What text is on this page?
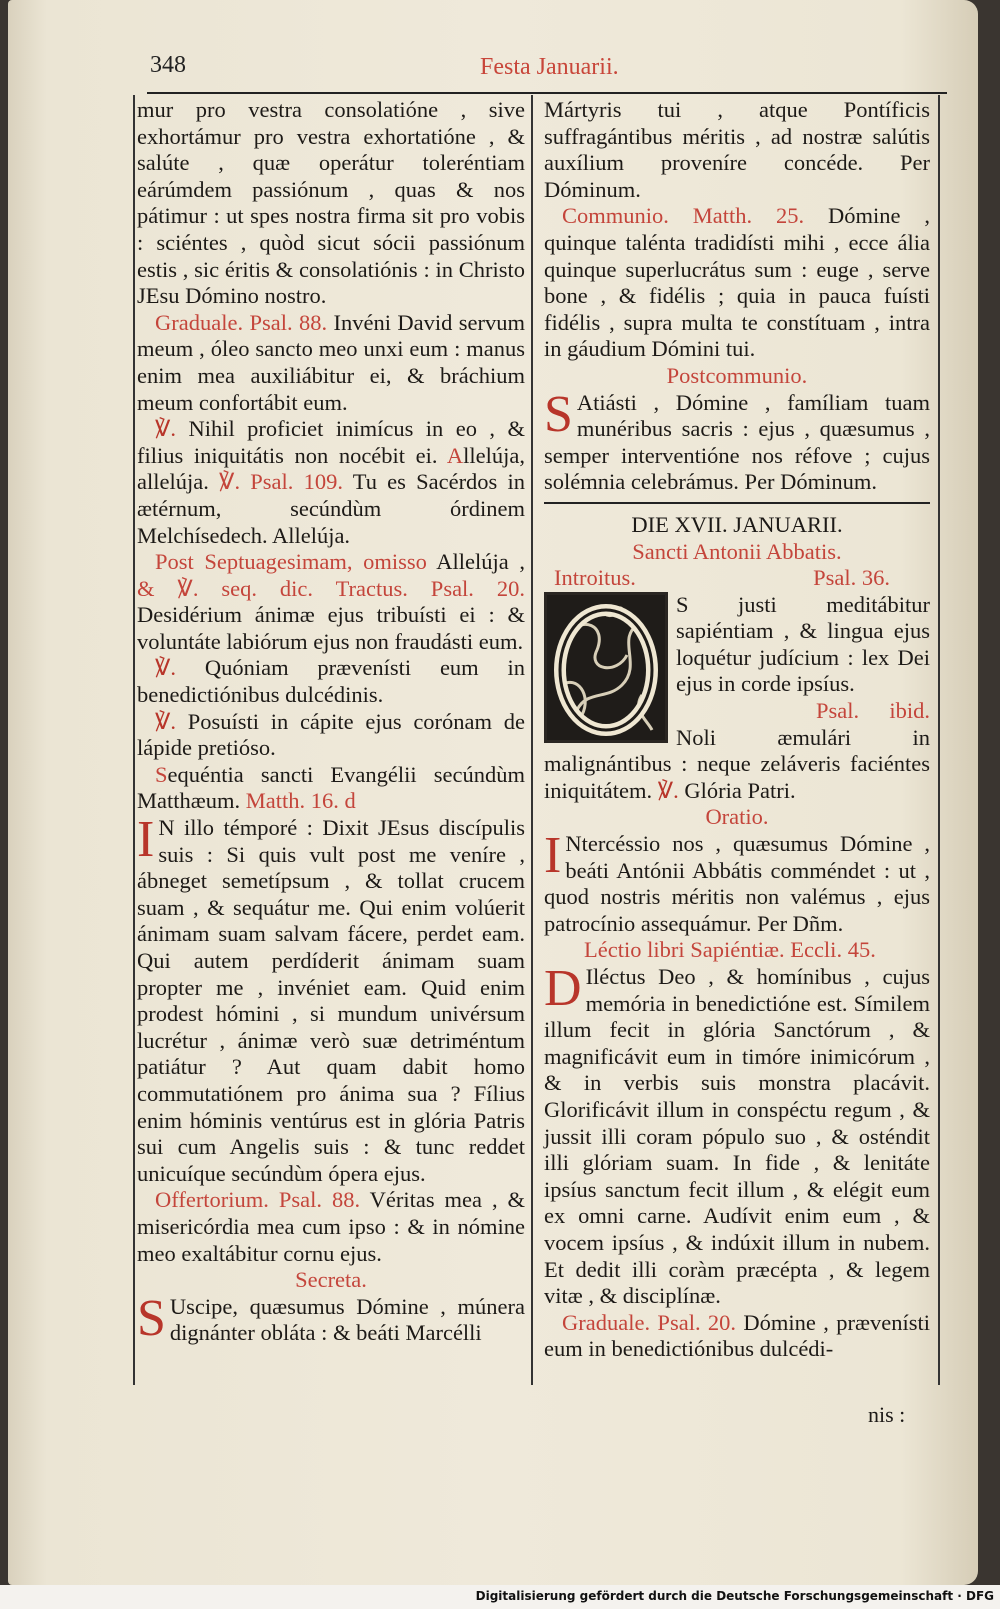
348	Festa Januarii.

mur pro vestra consolatióne , sive exhortámur pro vestra exhortatióne , & salúte , quæ operátur toleréntiam eárúmdem passiónum , quas & nos pátimur : ut spes nostra firma sit pro vobis : sciéntes , quòd sicut sócii passiónum estis , sic éritis & consolatiónis : in Christo JEsu Dómino nostro.

Graduale. Psal. 88. Invéni David servum meum , óleo sancto meo unxi eum : manus enim mea auxiliábitur ei, & bráchium meum confortábit eum.

℣. Nihil proficiet inimícus in eo , & filius iniquitátis non nocébit ei. Allelúja, allelúja. ℣. Psal. 109. Tu es Sacérdos in ætérnum, secúndùm órdinem Melchísedech. Allelúja.

Post Septuagesimam, omisso Allelúja , & ℣. seq. dic. Tractus. Psal. 20. Desidérium ánimæ ejus tribuísti ei : & voluntáte labiórum ejus non fraudásti eum.

℣. Quóniam prævenísti eum in benedictiónibus dulcédinis.

℣. Posuísti in cápite ejus corónam de lápide pretióso.

Sequéntia sancti Evangélii secúndùm Matthæum. Matth. 16. d

I N illo témporé : Dixit JEsus discípulis suis : Si quis vult post me veníre , ábneget semetípsum , & tollat crucem suam , & sequátur me. Qui enim volúerit ánimam suam salvam fácere, perdet eam. Qui autem perdíderit ánimam suam propter me , invéniet eam. Quid enim prodest hómini , si mundum univérsum lucrétur , ánimæ verò suæ detriméntum patiátur ? Aut quam dabit homo commutatiónem pro ánima sua ? Fílius enim hóminis ventúrus est in glória Patris sui cum Angelis suis : & tunc reddet unicuíque secúndùm ópera ejus.

Offertorium. Psal. 88. Véritas mea , & misericórdia mea cum ipso : & in nómine meo exaltábitur cornu ejus.

Secreta.

S Uscipe, quæsumus Dómine , múnera dignánter obláta : & beáti Marcélli

Mártyris tui , atque Pontíficis suffragántibus méritis , ad nostræ salútis auxílium proveníre concéde. Per Dóminum.

Communio. Matth. 25. Dómine , quinque talénta tradidísti mihi , ecce ália quinque superlucrátus sum : euge , serve bone , & fidélis ; quia in pauca fuísti fidélis , supra multa te constítuam , intra in gáudium Dómini tui.

Postcommunio.

S Atiásti , Dómine , famíliam tuam munéribus sacris : ejus , quæsumus , semper interventióne nos réfove ; cujus solémnia celebrámus. Per Dóminum.

DIE XVII. JANUARII.

Sancti Antonii Abbatis.

Introitus.	Psal. 36.

S justi meditábitur sapiéntiam , & lingua ejus loquétur judícium : lex Dei ejus in corde ipsíus.

Psal. ibid. Noli æmulári in malignántibus : neque zeláveris faciéntes iniquitátem. ℣. Glória Patri.

Oratio.

I Ntercéssio nos , quæsumus Dómine , beáti Antónii Abbátis comméndet : ut , quod nostris méritis non valémus , ejus patrocínio assequámur. Per Dñm.

Léctio libri Sapiéntiæ. Eccli. 45.

D Iléctus Deo , & homínibus , cujus memória in benedictióne est. Símilem illum fecit in glória Sanctórum , & magnificávit eum in timóre inimicórum , & in verbis suis monstra placávit. Glorificávit illum in conspéctu regum , & jussit illi coram pópulo suo , & osténdit illi glóriam suam. In fide , & lenitáte ipsíus sanctum fecit illum , & elégit eum ex omni carne. Audívit enim eum , & vocem ipsíus , & indúxit illum in nubem. Et dedit illi coràm præcépta , & legem vitæ , & disciplínæ.

Graduale. Psal. 20. Dómine , prævenísti eum in benedictiónibus dulcédi-

nis :
Digitalisierung gefördert durch die Deutsche Forschungsgemeinschaft · DFG
